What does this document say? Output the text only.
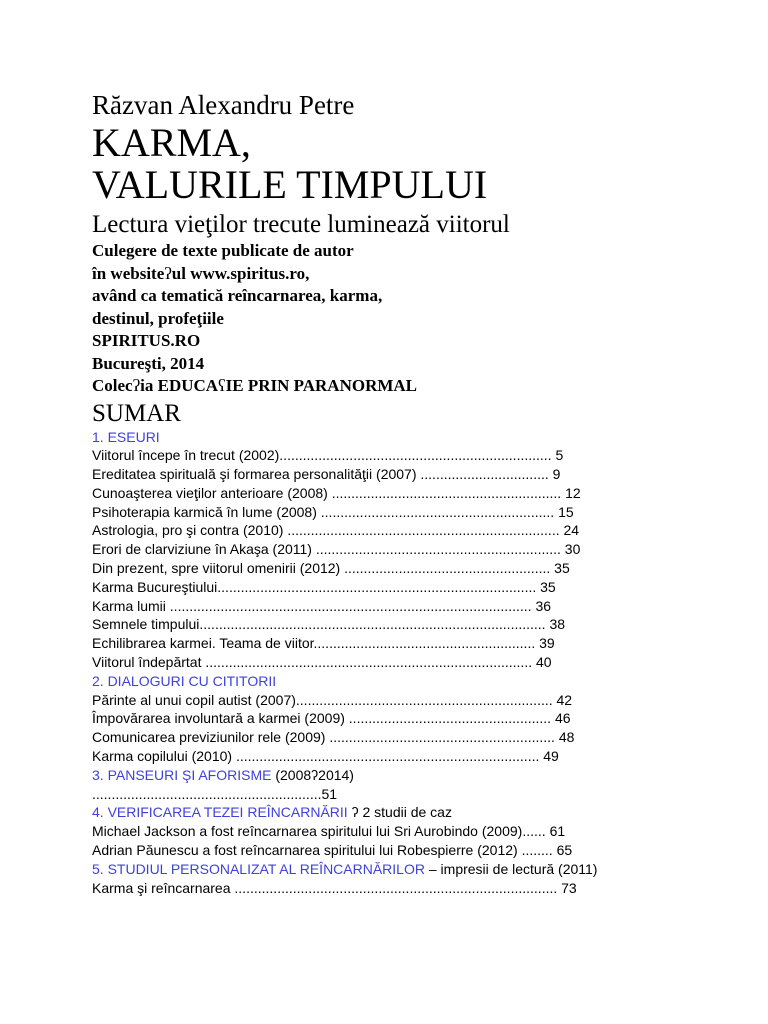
Răzvan Alexandru Petre
KARMA,
VALURILE TIMPULUI
Lectura vieţilor trecute luminează viitorul
Culegere de texte publicate de autor
în websiteʔul www.spiritus.ro,
având ca tematică reîncarnarea, karma,
destinul, profeţiile
SPIRITUS.RO
Bucureşti, 2014
Colecʔia EDUCAʕIE PRIN PARANORMAL
SUMAR
1. ESEURI
Viitorul începe în trecut (2002)...................................................................... 5
Ereditatea spirituală şi formarea personalităţii (2007) ................................. 9
Cunoaşterea vieţilor anterioare (2008) ........................................................... 12
Psihoterapia karmică în lume (2008) ............................................................ 15
Astrologia, pro şi contra (2010) ...................................................................... 24
Erori de clarviziune în Akaşa (2011) ............................................................... 30
Din prezent, spre viitorul omenirii (2012) ..................................................... 35
Karma Bucureştiului.................................................................................. 35
Karma lumii ............................................................................................. 36
Semnele timpului......................................................................................... 38
Echilibrarea karmei. Teama de viitor......................................................... 39
Viitorul îndepărtat .................................................................................... 40
2. DIALOGURI CU CITITORII
Părinte al unui copil autist (2007).................................................................. 42
Împovărarea involuntară a karmei (2009) .................................................... 46
Comunicarea previziunilor rele (2009) .......................................................... 48
Karma copilului (2010) .............................................................................. 49
3. PANSEURI ŞI AFORISME (2008ʔ2014)
...........................................................51
4. VERIFICAREA TEZEI REÎNCARNĂRII ʔ 2 studii de caz
Michael Jackson a fost reîncarnarea spiritului lui Sri Aurobindo (2009)...... 61
Adrian Păunescu a fost reîncarnarea spiritului lui Robespierre (2012) ........ 65
5. STUDIUL PERSONALIZAT AL REÎNCARNĂRILOR – impresii de lectură (2011)
Karma şi reîncarnarea ................................................................................... 73
